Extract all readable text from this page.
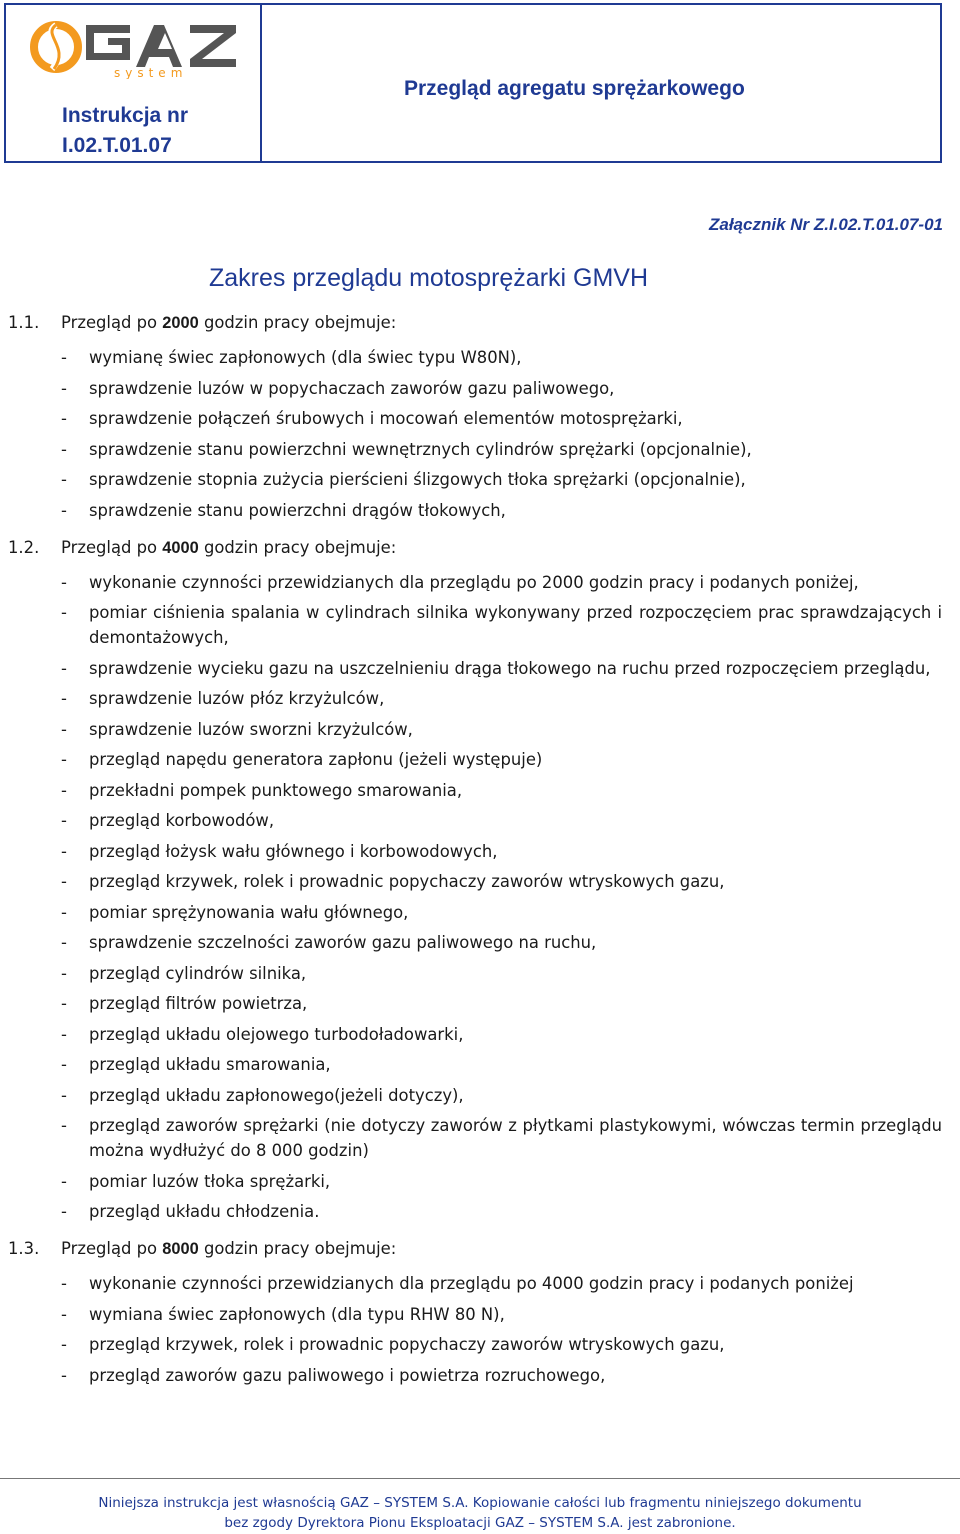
system
Instrukcja nr
I.02.T.01.07
Przegląd agregatu sprężarkowego
Załącznik Nr Z.I.02.T.01.07-01
Zakres przeglądu motosprężarki GMVH
1.1. Przegląd po 2000 godzin pracy obejmuje:
- wymianę świec zapłonowych (dla świec typu W80N),
- sprawdzenie luzów w popychaczach zaworów gazu paliwowego,
- sprawdzenie połączeń śrubowych i mocowań elementów motosprężarki,
- sprawdzenie stanu powierzchni wewnętrznych cylindrów sprężarki (opcjonalnie),
- sprawdzenie stopnia zużycia pierścieni ślizgowych tłoka sprężarki (opcjonalnie),
- sprawdzenie stanu powierzchni drągów tłokowych,
1.2. Przegląd po 4000 godzin pracy obejmuje:
- wykonanie czynności przewidzianych dla przeglądu po 2000 godzin pracy i podanych poniżej,
- pomiar ciśnienia spalania w cylindrach silnika wykonywany przed rozpoczęciem prac sprawdzających i demontażowych,
- sprawdzenie wycieku gazu na uszczelnieniu drąga tłokowego na ruchu przed rozpoczęciem przeglądu,
- sprawdzenie luzów płóz krzyżulców,
- sprawdzenie luzów sworzni krzyżulców,
- przegląd napędu generatora zapłonu (jeżeli występuje)
- przekładni pompek punktowego smarowania,
- przegląd korbowodów,
- przegląd łożysk wału głównego i korbowodowych,
- przegląd krzywek, rolek i prowadnic popychaczy zaworów wtryskowych gazu,
- pomiar sprężynowania wału głównego,
- sprawdzenie szczelności zaworów gazu paliwowego na ruchu,
- przegląd cylindrów silnika,
- przegląd filtrów powietrza,
- przegląd układu olejowego turbodoładowarki,
- przegląd układu smarowania,
- przegląd układu zapłonowego(jeżeli dotyczy),
- przegląd zaworów sprężarki (nie dotyczy zaworów z płytkami plastykowymi, wówczas termin przeglądu można wydłużyć do 8 000 godzin)
- pomiar luzów tłoka sprężarki,
- przegląd układu chłodzenia.
1.3. Przegląd po 8000 godzin pracy obejmuje:
- wykonanie czynności przewidzianych dla przeglądu po 4000 godzin pracy i podanych poniżej
- wymiana świec zapłonowych (dla typu RHW 80 N),
- przegląd krzywek, rolek i prowadnic popychaczy zaworów wtryskowych gazu,
- przegląd zaworów gazu paliwowego i powietrza rozruchowego,
Niniejsza instrukcja jest własnością GAZ – SYSTEM S.A. Kopiowanie całości lub fragmentu niniejszego dokumentu
bez zgody Dyrektora Pionu Eksploatacji GAZ – SYSTEM S.A. jest zabronione.
